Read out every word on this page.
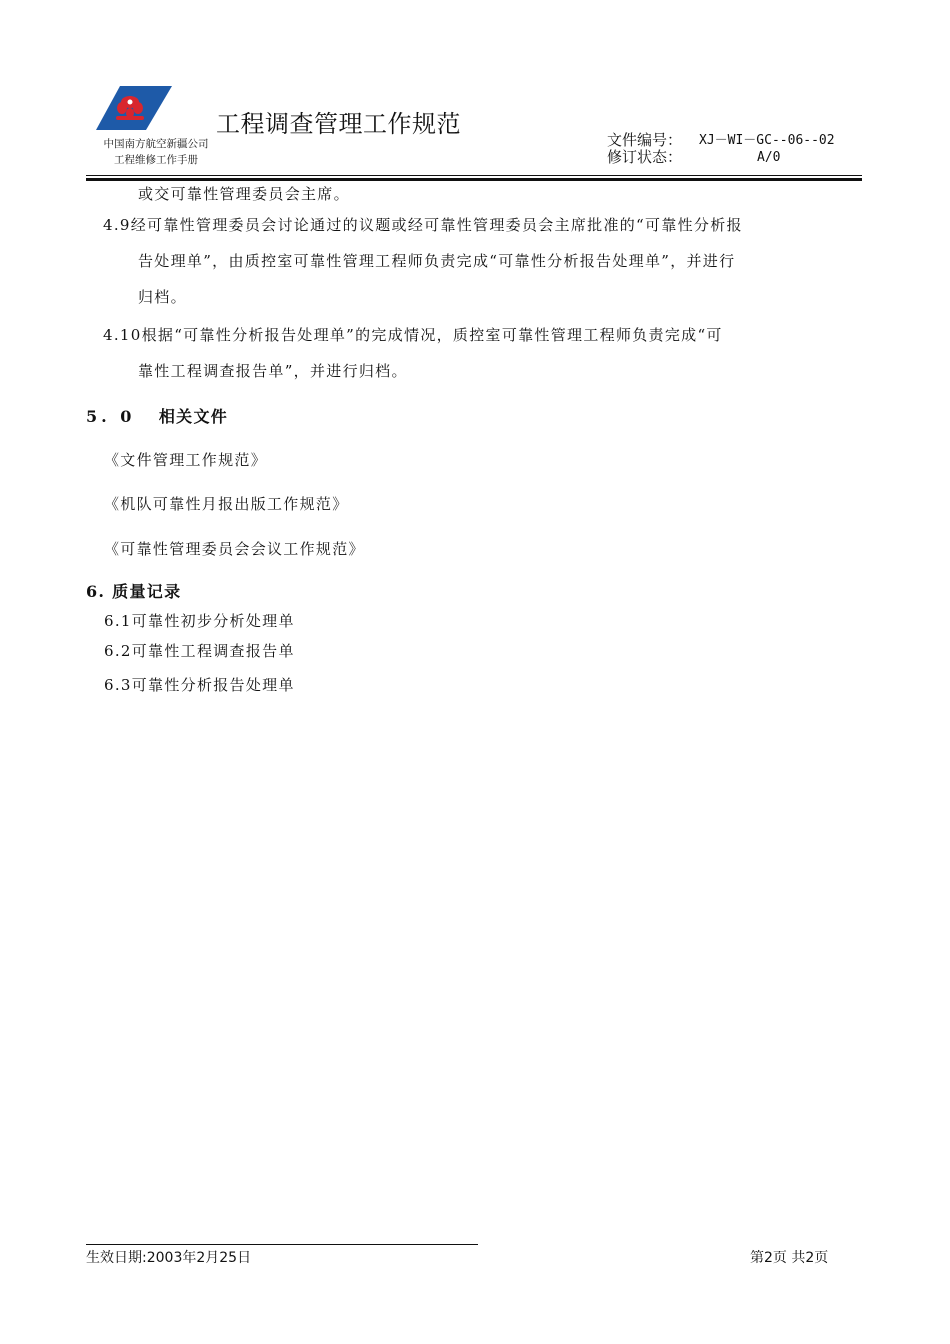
中国南方航空新疆公司
工程维修工作手册
工程调查管理工作规范
文件编号：	XJ－WI－GC--06--02
修订状态：	A/0
或交可靠性管理委员会主席。
4.9经可靠性管理委员会讨论通过的议题或经可靠性管理委员会主席批准的“可靠性分析报
告处理单”，由质控室可靠性管理工程师负责完成“可靠性分析报告处理单”，并进行
归档。
4.10根据“可靠性分析报告处理单”的完成情况，质控室可靠性管理工程师负责完成“可
靠性工程调查报告单”，并进行归档。
5. 0 相关文件
《文件管理工作规范》
《机队可靠性月报出版工作规范》
《可靠性管理委员会会议工作规范》
6. 质量记录
6.1可靠性初步分析处理单
6.2可靠性工程调查报告单
6.3可靠性分析报告处理单
生效日期:2003年2月25日	第2页 共2页
